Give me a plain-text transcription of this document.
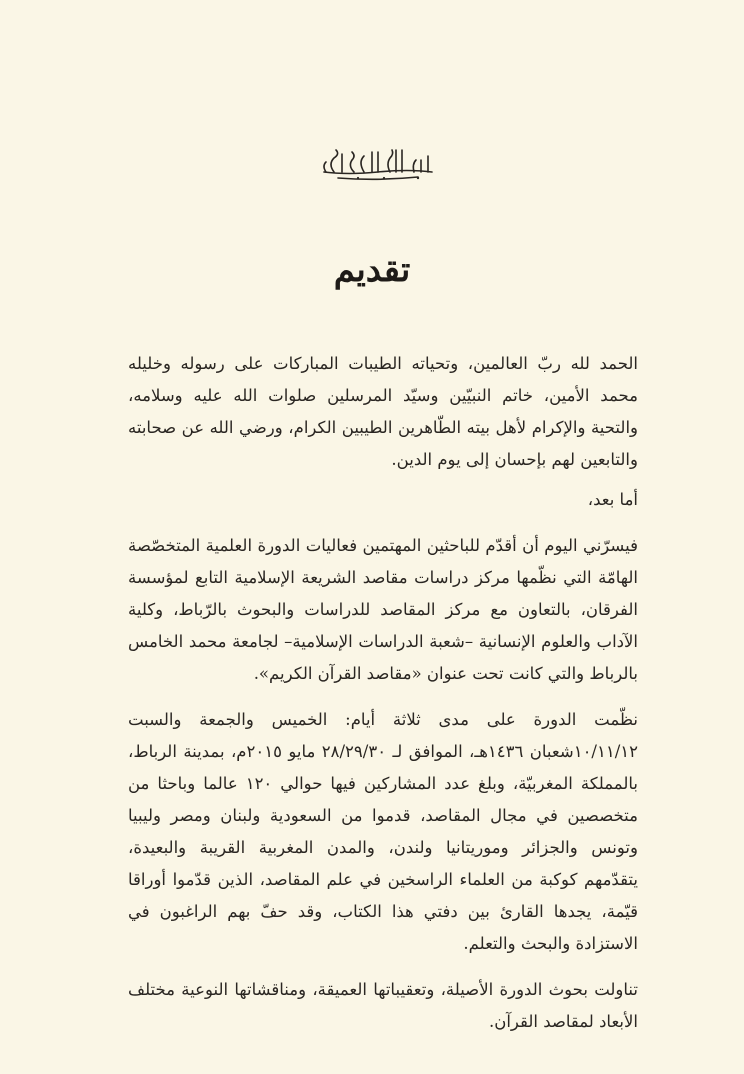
تقديم

الحمد لله ربّ العالمين، وتحياته الطيبات المباركات على رسوله وخليله محمد الأمين، خاتم النبيّين وسيّد المرسلين صلوات الله عليه وسلامه، والتحية والإكرام لأهل بيته الطّاهرين الطيبين الكرام، ورضي الله عن صحابته والتابعين لهم بإحسان إلى يوم الدين.

أما بعد،

فيسرّني اليوم أن أقدّم للباحثين المهتمين فعاليات الدورة العلمية المتخصّصة الهامّة التي نظّمها مركز دراسات مقاصد الشريعة الإسلامية التابع لمؤسسة الفرقان، بالتعاون مع مركز المقاصد للدراسات والبحوث بالرّباط، وكلية الآداب والعلوم الإنسانية –شعبة الدراسات الإسلامية– لجامعة محمد الخامس بالرباط والتي كانت تحت عنوان «مقاصد القرآن الكريم».

نظّمت الدورة على مدى ثلاثة أيام: الخميس والجمعة والسبت ١٠/١١/١٢شعبان ١٤٣٦هـ، الموافق لـ ٢٨/٢٩/٣٠ مايو ٢٠١٥م، بمدينة الرباط، بالمملكة المغربيّة، وبلغ عدد المشاركين فيها حوالي ١٢٠ عالما وباحثا من متخصصين في مجال المقاصد، قدموا من السعودية ولبنان ومصر وليبيا وتونس والجزائر وموريتانيا ولندن، والمدن المغربية القريبة والبعيدة، يتقدّمهم كوكبة من العلماء الراسخين في علم المقاصد، الذين قدّموا أوراقا قيّمة، يجدها القارئ بين دفتي هذا الكتاب، وقد حفّ بهم الراغبون في الاستزادة والبحث والتعلم.

تناولت بحوث الدورة الأصيلة، وتعقيباتها العميقة، ومناقشاتها النوعية مختلف الأبعاد لمقاصد القرآن.
